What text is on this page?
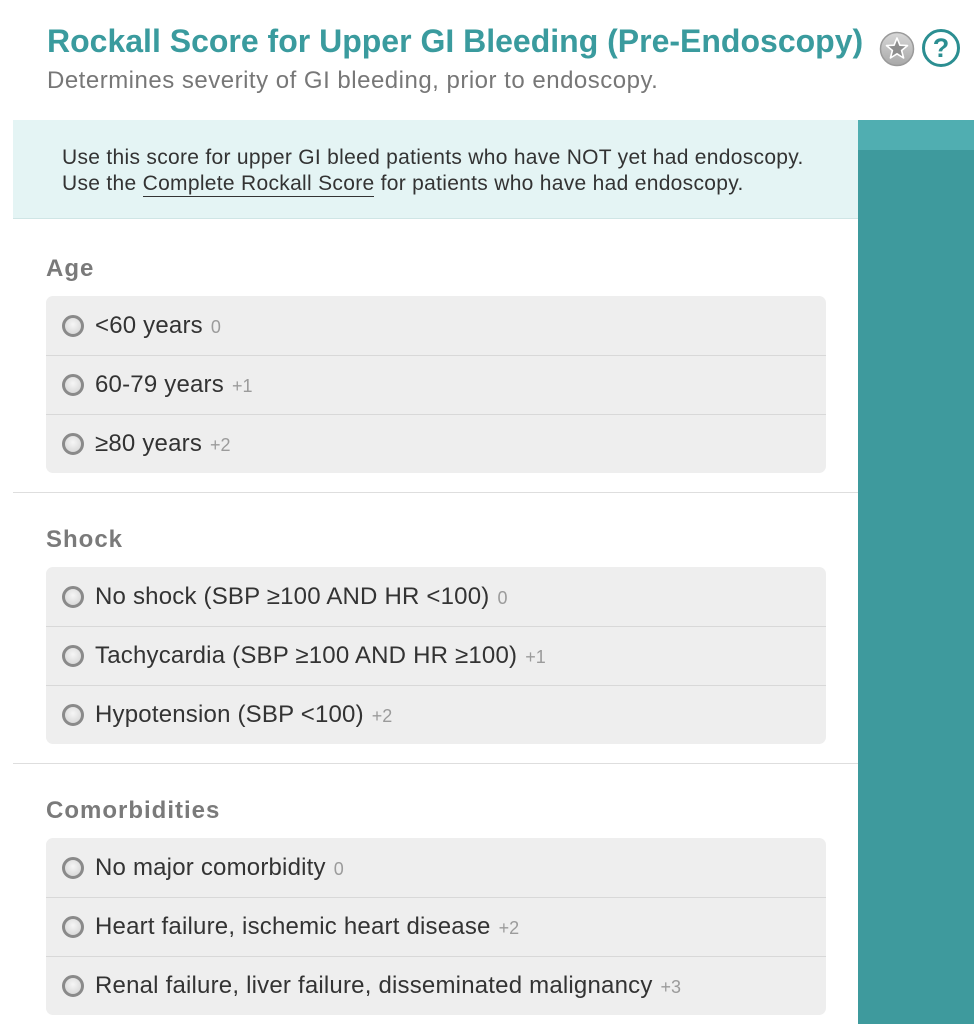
Rockall Score for Upper GI Bleeding (Pre-Endoscopy)	?

Determines severity of GI bleeding, prior to endoscopy.

Use this score for upper GI bleed patients who have NOT yet had endoscopy.
Use the Complete Rockall Score for patients who have had endoscopy.
Age
<60 years 0
60-79 years +1
≥80 years +2
Shock
No shock (SBP ≥100 AND HR <100) 0
Tachycardia (SBP ≥100 AND HR ≥100) +1
Hypotension (SBP <100) +2
Comorbidities
No major comorbidity 0
Heart failure, ischemic heart disease +2
Renal failure, liver failure, disseminated malignancy +3
